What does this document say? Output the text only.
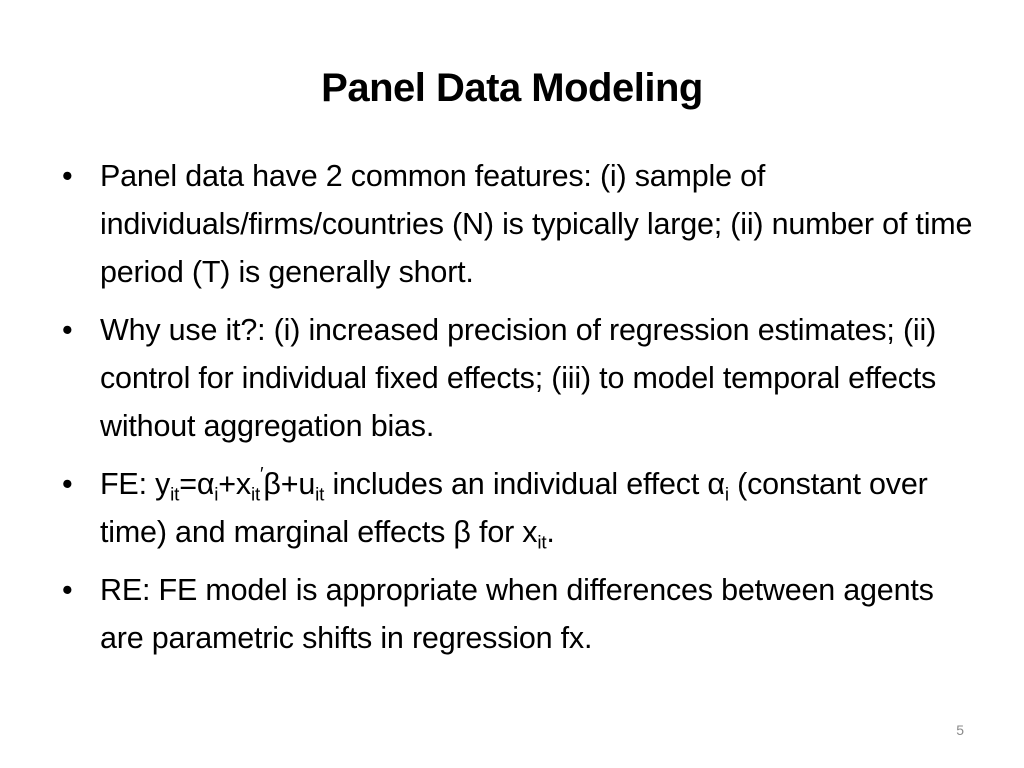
Panel Data Modeling
• Panel data have 2 common features: (i) sample of individuals/firms/countries (N) is typically large; (ii) number of time period (T) is generally short.
• Why use it?: (i) increased precision of regression estimates; (ii) control for individual fixed effects; (iii) to model temporal effects without aggregation bias.
• FE: $y_{it}=\alpha_i+x_{it}'\beta+u_{it}$ includes an individual effect $\alpha_i$ (constant over time) and marginal effects β for $x_{it}$.
• RE: FE model is appropriate when differences between agents are parametric shifts in regression fx.
5
